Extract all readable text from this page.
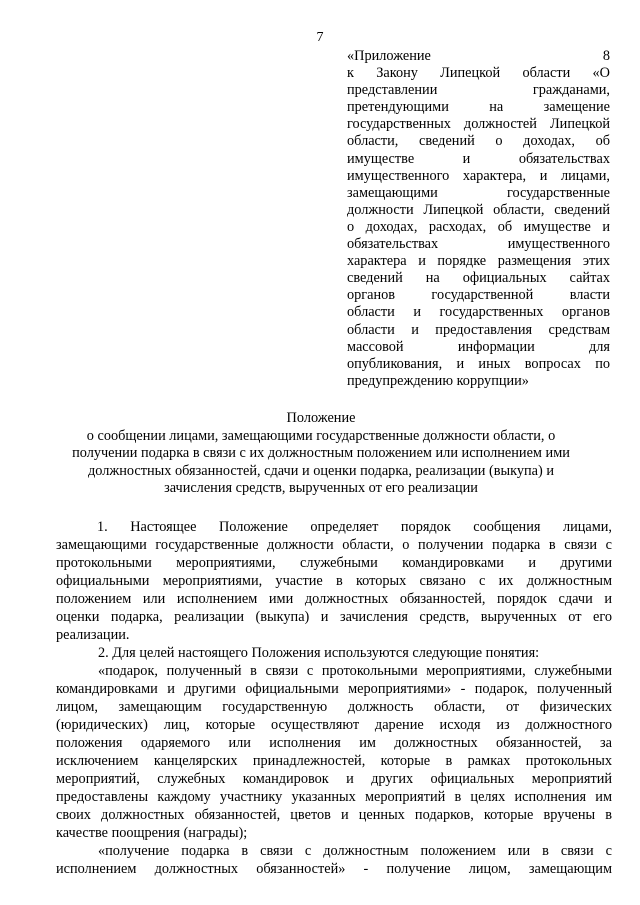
7
«Приложение 8
к Закону Липецкой области «О
представлении гражданами,
претендующими на замещение
государственных должностей Липецкой
области, сведений о доходах, об
имуществе и обязательствах
имущественного характера, и лицами,
замещающими государственные
должности Липецкой области, сведений
о доходах, расходах, об имуществе и
обязательствах имущественного
характера и порядке размещения этих
сведений на официальных сайтах
органов государственной власти
области и государственных органов
области и предоставления средствам
массовой информации для
опубликования, и иных вопросах по
предупреждению коррупции»
Положение
о сообщении лицами, замещающими государственные должности области, о
получении подарка в связи с их должностным положением или исполнением ими
должностных обязанностей, сдачи и оценки подарка, реализации (выкупа) и
зачисления средств, вырученных от его реализации
1. Настоящее Положение определяет порядок сообщения лицами,
замещающими государственные должности области, о получении подарка в связи с
протокольными мероприятиями, служебными командировками и другими
официальными мероприятиями, участие в которых связано с их должностным
положением или исполнением ими должностных обязанностей, порядок сдачи и
оценки подарка, реализации (выкупа) и зачисления средств, вырученных от его
реализации.
2. Для целей настоящего Положения используются следующие понятия:
«подарок, полученный в связи с протокольными мероприятиями, служебными
командировками и другими официальными мероприятиями» - подарок, полученный
лицом, замещающим государственную должность области, от физических
(юридических) лиц, которые осуществляют дарение исходя из должностного
положения одаряемого или исполнения им должностных обязанностей, за
исключением канцелярских принадлежностей, которые в рамках протокольных
мероприятий, служебных командировок и других официальных мероприятий
предоставлены каждому участнику указанных мероприятий в целях исполнения им
своих должностных обязанностей, цветов и ценных подарков, которые вручены в
качестве поощрения (награды);
«получение подарка в связи с должностным положением или в связи с
исполнением должностных обязанностей» - получение лицом, замещающим
